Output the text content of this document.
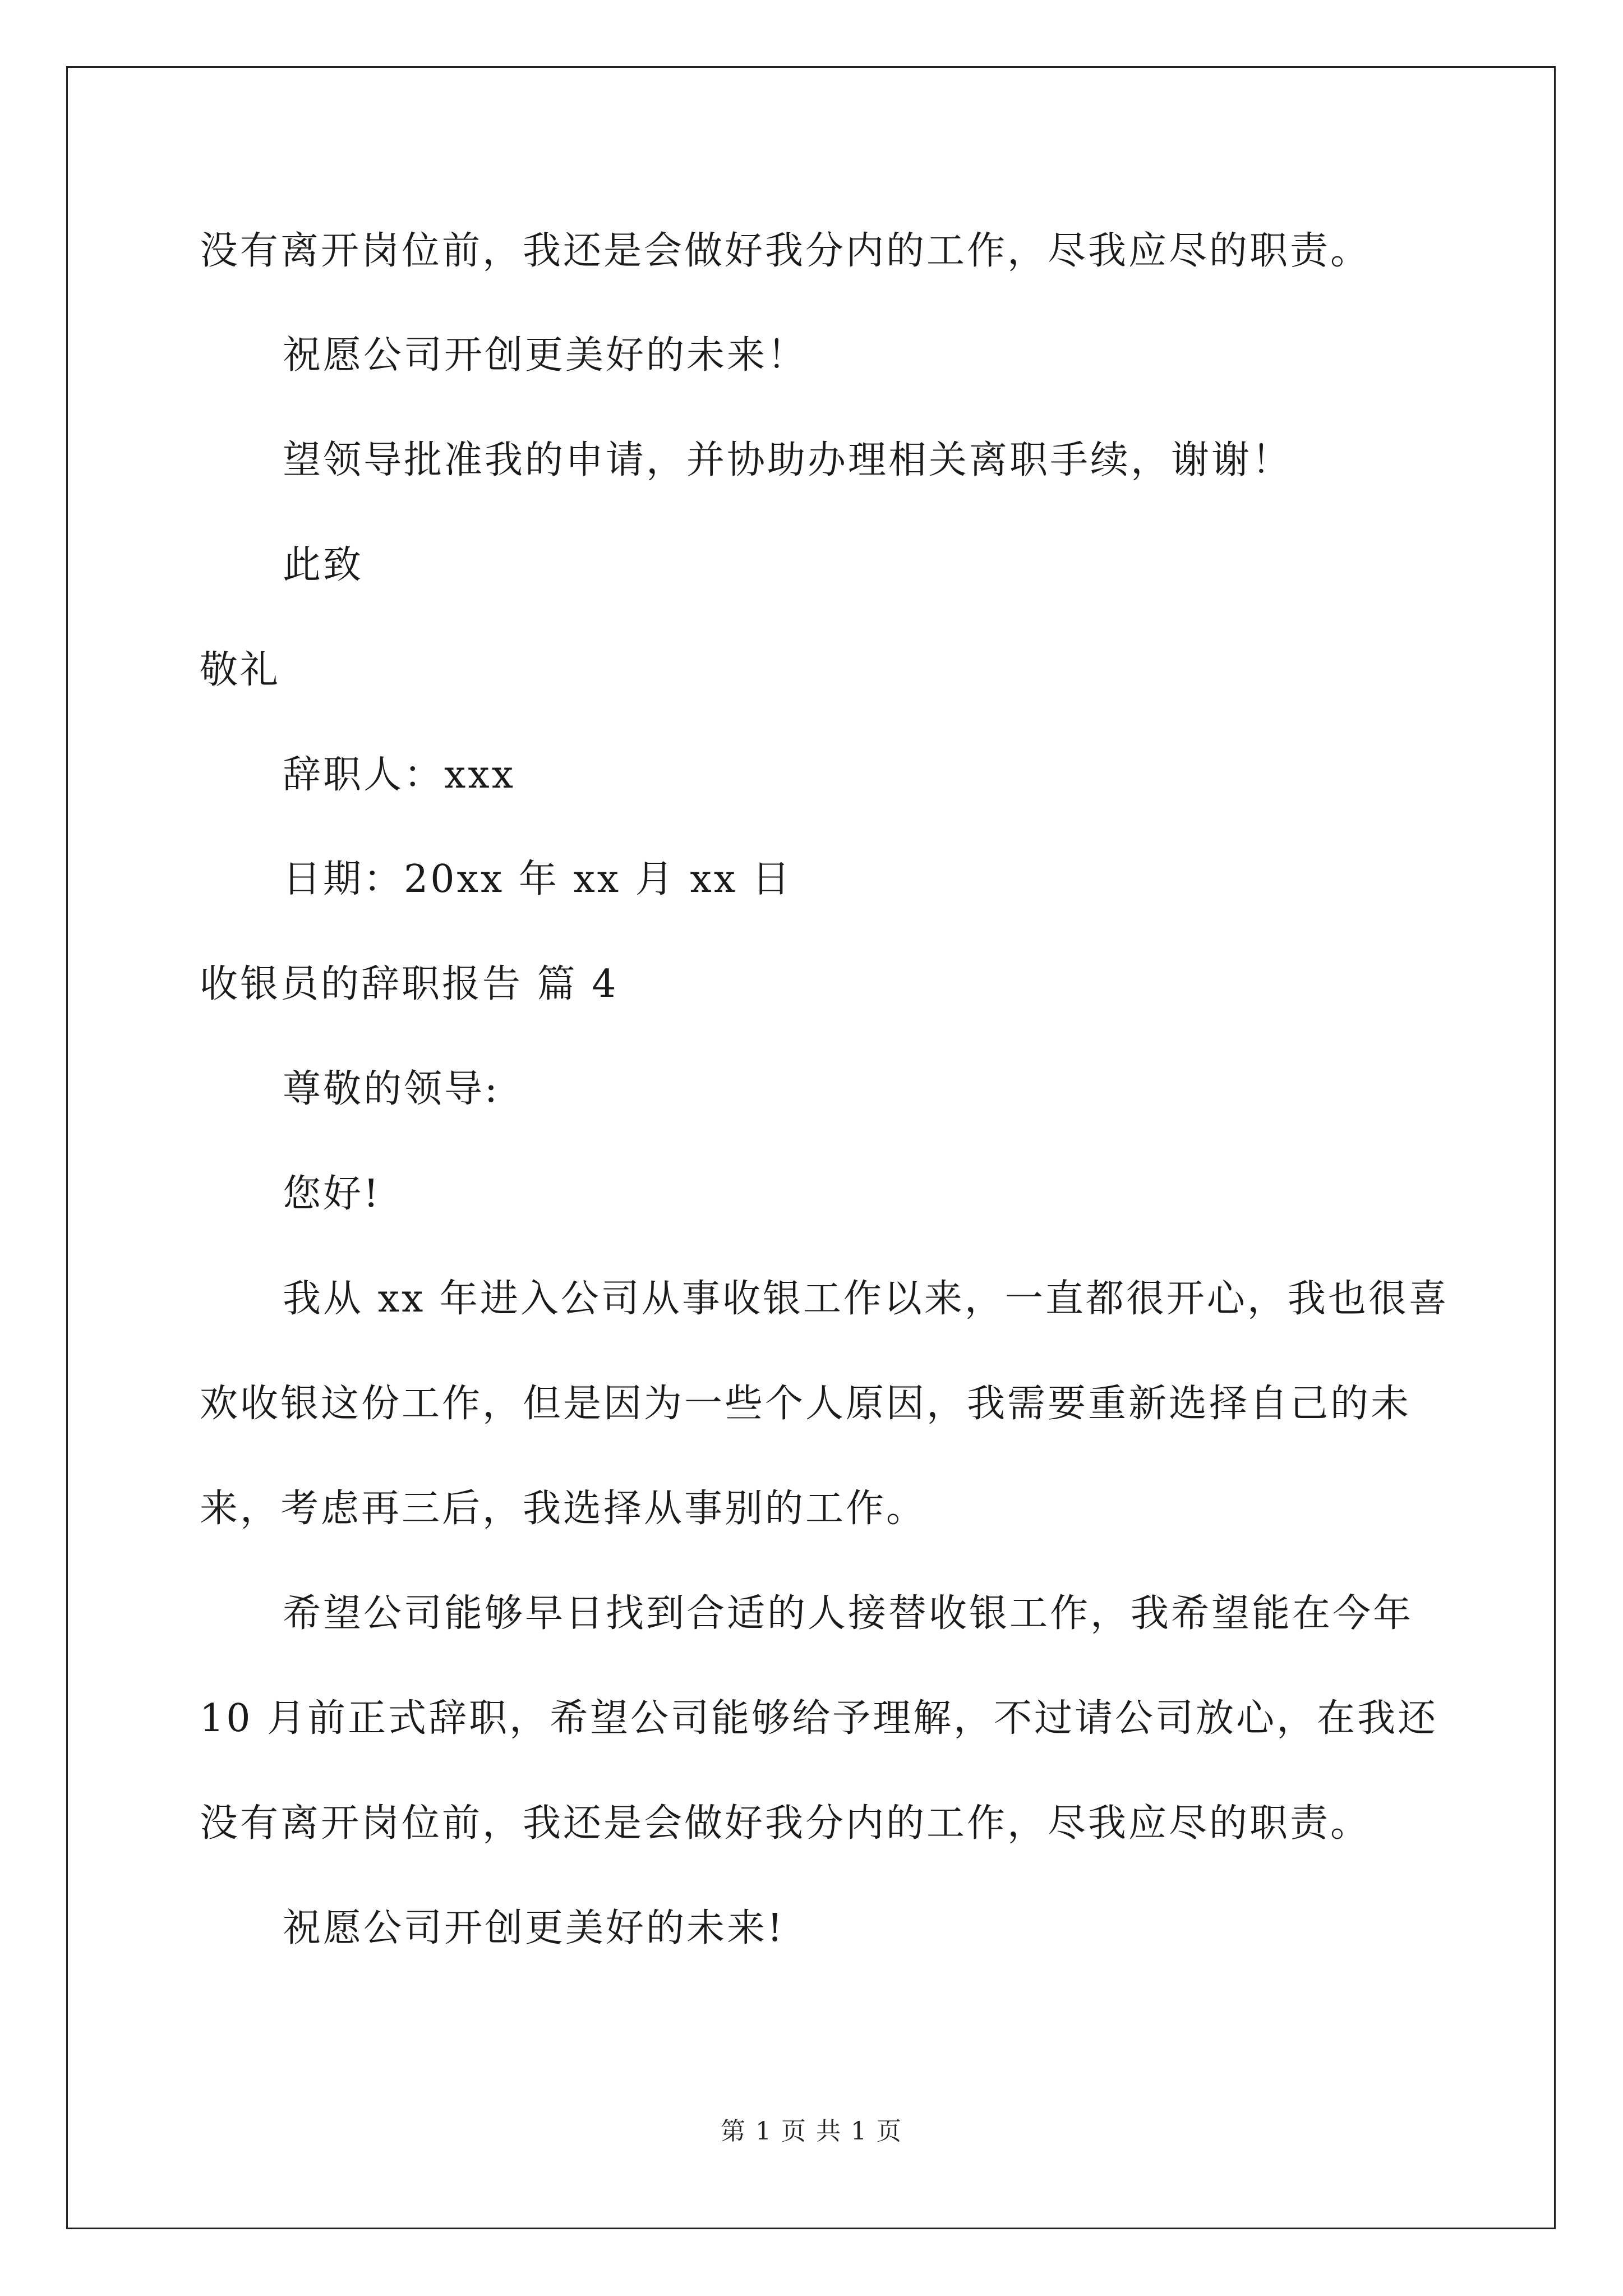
没有离开岗位前，我还是会做好我分内的工作，尽我应尽的职责。
祝愿公司开创更美好的未来！
望领导批准我的申请，并协助办理相关离职手续，谢谢！
此致
敬礼
辞职人：xxx
日期：20xx 年 xx 月 xx 日
收银员的辞职报告 篇 4
尊敬的领导:
您好!
我从 xx 年进入公司从事收银工作以来，一直都很开心，我也很喜
欢收银这份工作，但是因为一些个人原因，我需要重新选择自己的未
来，考虑再三后，我选择从事别的工作。
希望公司能够早日找到合适的人接替收银工作，我希望能在今年
10 月前正式辞职，希望公司能够给予理解，不过请公司放心，在我还
没有离开岗位前，我还是会做好我分内的工作，尽我应尽的职责。
祝愿公司开创更美好的未来!
第 1 页 共 1 页
